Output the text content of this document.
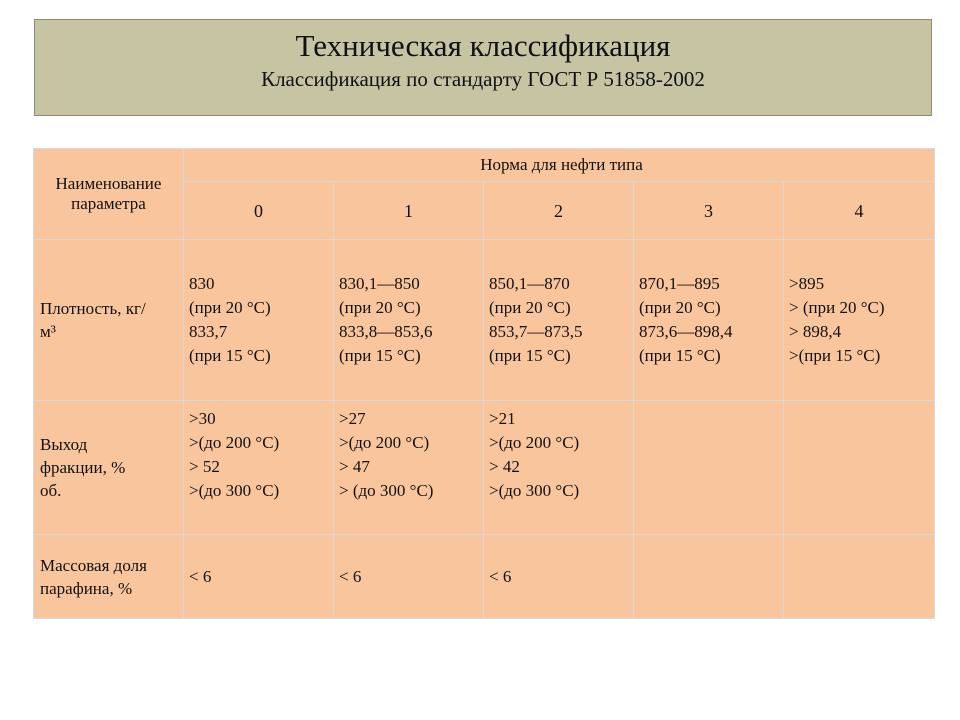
Техническая классификация
Классификация по стандарту ГОСТ Р 51858-2002
Наименование
параметра	Норма для нефти типа				
	0	1	2	3	4

Плотность, кг/
м³	830
(при 20 °С)
833,7
(при 15 °С)	830,1—850
(при 20 °С)
833,8—853,6
(при 15 °С)	850,1—870
(при 20 °С)
853,7—873,5
(при 15 °С)	870,1—895
(при 20 °С)
873,6—898,4
(при 15 °С)	>895
> (при 20 °С)
> 898,4
>(при 15 °С)

Выход
фракции, %
об.	>30
>(до 200 °С)
> 52
>(до 300 °С)	>27
>(до 200 °С)
> 47
> (до 300 °С)	>21
>(до 200 °С)
> 42
>(до 300 °С)		

Массовая доля
парафина, %	< 6	< 6	< 6		
